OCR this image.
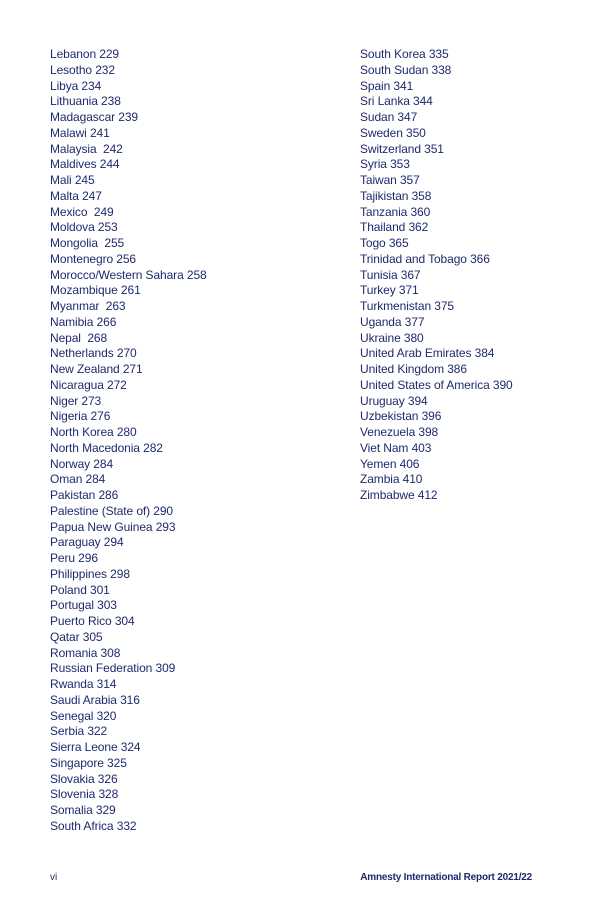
Lebanon 229
Lesotho 232
Libya 234
Lithuania 238
Madagascar 239
Malawi 241
Malaysia  242
Maldives 244
Mali 245
Malta 247
Mexico  249
Moldova 253
Mongolia  255
Montenegro 256
Morocco/Western Sahara 258
Mozambique 261
Myanmar  263
Namibia 266
Nepal  268
Netherlands 270
New Zealand 271
Nicaragua 272
Niger 273
Nigeria 276
North Korea 280
North Macedonia 282
Norway 284
Oman 284
Pakistan 286
Palestine (State of) 290
Papua New Guinea 293
Paraguay 294
Peru 296
Philippines 298
Poland 301
Portugal 303
Puerto Rico 304
Qatar 305
Romania 308
Russian Federation 309
Rwanda 314
Saudi Arabia 316
Senegal 320
Serbia 322
Sierra Leone 324
Singapore 325
Slovakia 326
Slovenia 328
Somalia 329
South Africa 332
South Korea 335
South Sudan 338
Spain 341
Sri Lanka 344
Sudan 347
Sweden 350
Switzerland 351
Syria 353
Taiwan 357
Tajikistan 358
Tanzania 360
Thailand 362
Togo 365
Trinidad and Tobago 366
Tunisia 367
Turkey 371
Turkmenistan 375
Uganda 377
Ukraine 380
United Arab Emirates 384
United Kingdom 386
United States of America 390
Uruguay 394
Uzbekistan 396
Venezuela 398
Viet Nam 403
Yemen 406
Zambia 410
Zimbabwe 412
vi	Amnesty International Report 2021/22
